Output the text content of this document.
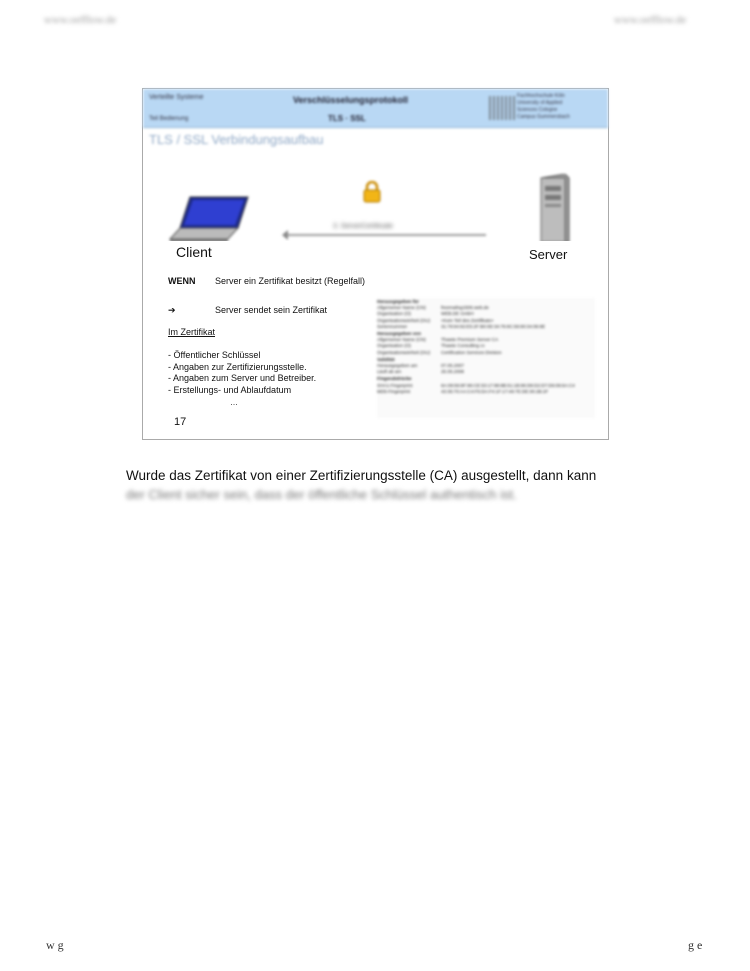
www.oefflow.de	www.oefflow.de
Verteilte Systeme
Teil Bedienung
Verschlüsselungsprotokoll
TLS · SSL
Fachhochschule Köln
University of Applied
Sciences Cologne
Campus Gummersbach
TLS / SSL Verbindungsaufbau
3. ServerCertificate
Client	Server
WENN Server ein Zertifikat besitzt (Regelfall)
➔	Server sendet sein Zertifikat
Im Zertifikat
- Öffentlicher Schlüssel
- Angaben zur Zertifizierungsstelle.
- Angaben zum Server und Betreiber.
- Erstellungs- und Ablaufdatum
…
17
Herausgegeben für
Allgemeiner Name (CN)	freemailng1506.web.de
Organisation (O)	WEB.DE GmbH
Organisationseinheit (OU)	<Kein Teil des Zertifikats>
Seriennummer	31:78:94:92:E5:2F:B0:0D:34:76:8C:56:90:34:06:8E
Herausgegeben von
Allgemeiner Name (CN)	Thawte Premium Server CA
Organisation (O)	Thawte Consulting cc
Organisationseinheit (OU)	Certification Services Division
Validität
Herausgegeben am	07.05.2007
Läuft ab am	25.05.2008
Fingerabdrücke
SHA1-Fingerprint	6A:08:56:8F:96:CE:53:17:88:8B:51:1B:96:D8:D2:D7:D6:06:6A:C4
MD5-Fingerprint	43:35:70:AA:C4:F5:DA:F4:1F:17:49:7E:DE:00:2B:2F
Wurde das Zertifikat von einer Zertifizierungsstelle (CA) ausgestellt, dann kann
der Client sicher sein, dass der öffentliche Schlüssel authentisch ist.
w g	g e
